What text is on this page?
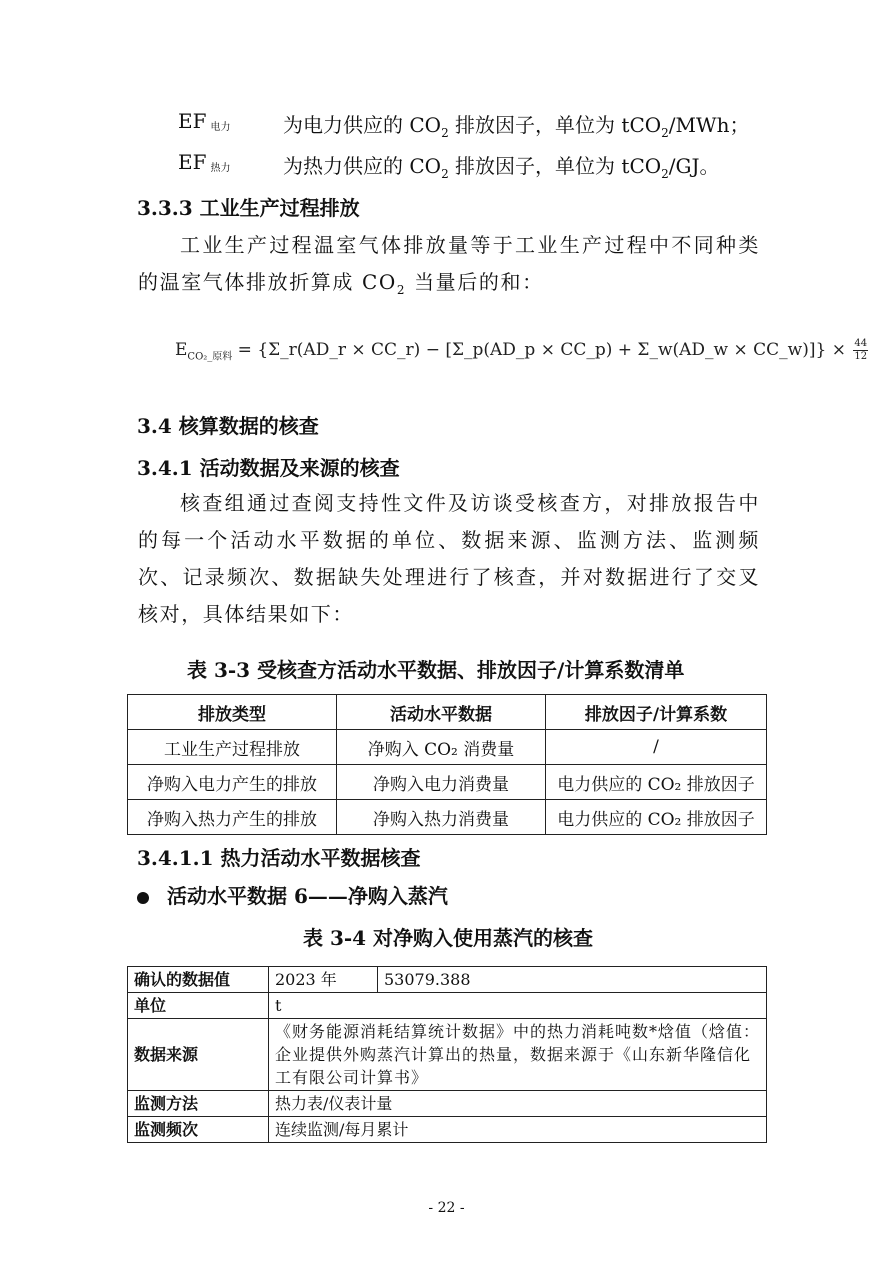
EF $_{电力}$	为电力供应的 $CO_2$ 排放因子，单位为 tCO$_2$/MWh；
EF $_{热力}$	为热力供应的 $CO_2$ 排放因子，单位为 tCO$_2$/GJ。
3.3.3 工业生产过程排放
工业生产过程温室气体排放量等于工业生产过程中不同种类的温室气体排放折算成 $CO_2$ 当量后的和：
$E_{CO_2\_原料}$ = {Σ_r(AD_r × CC_r) − [Σ_p(AD_p × CC_p) + Σ_w(AD_w × CC_w)]} × $\frac{44}{12}$
3.4 核算数据的核查
3.4.1 活动数据及来源的核查
核查组通过查阅支持性文件及访谈受核查方，对排放报告中的每一个活动水平数据的单位、数据来源、监测方法、监测频次、记录频次、数据缺失处理进行了核查，并对数据进行了交叉核对，具体结果如下：
表 3-3 受核查方活动水平数据、排放因子/计算系数清单
排放类型	活动水平数据	排放因子/计算系数
工业生产过程排放	净购入 CO₂ 消费量	/
净购入电力产生的排放	净购入电力消费量	电力供应的 CO₂ 排放因子
净购入热力产生的排放	净购入热力消费量	电力供应的 CO₂ 排放因子
3.4.1.1 热力活动水平数据核查
活动水平数据 6——净购入蒸汽
表 3-4 对净购入使用蒸汽的核查
确认的数据值	2023 年	53079.388
单位	t	
数据来源	《财务能源消耗结算统计数据》中的热力消耗吨数*焓值（焓值：企业提供外购蒸汽计算出的热量，数据来源于《山东新华隆信化工有限公司计算书》	
监测方法	热力表/仪表计量	
监测频次	连续监测/每月累计	
- 22 -
